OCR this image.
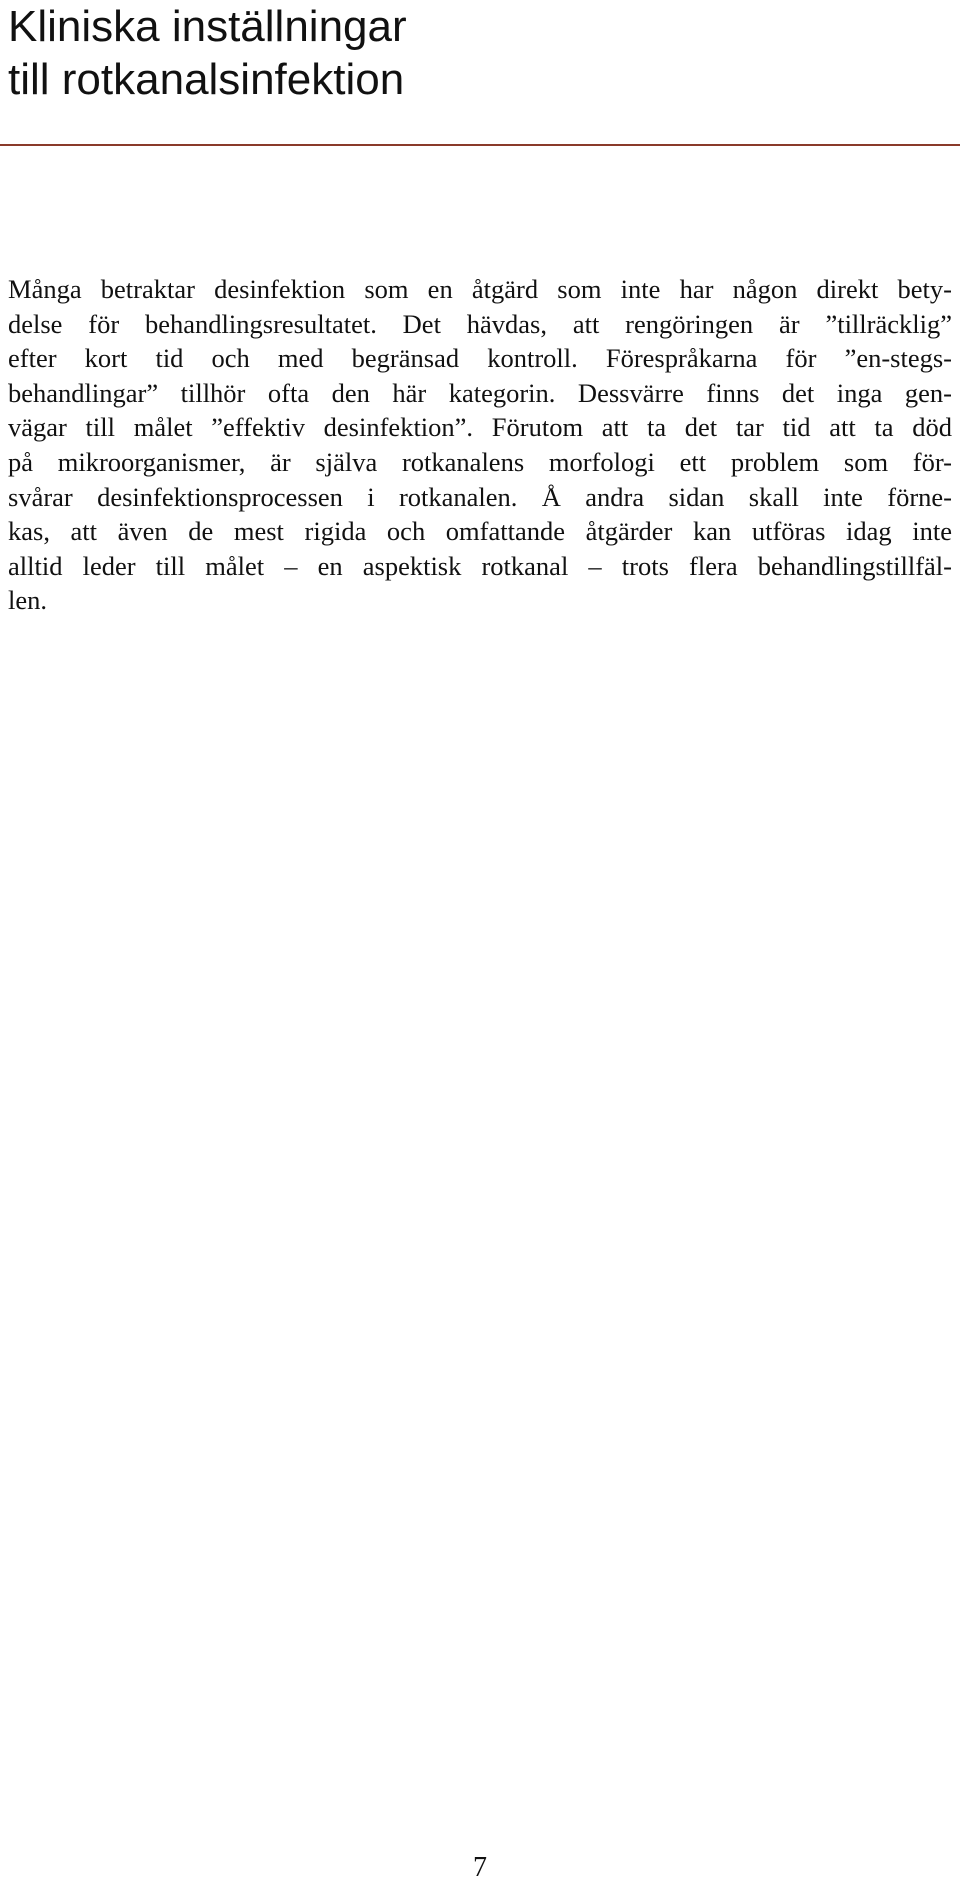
Kliniska inställningar
till rotkanalsinfektion

Många betraktar desinfektion som en åtgärd som inte har någon direkt bety-
delse för behandlingsresultatet. Det hävdas, att rengöringen är ”tillräcklig”
efter kort tid och med begränsad kontroll. Förespråkarna för ”en-stegs-
behandlingar” tillhör ofta den här kategorin. Dessvärre finns det inga gen-
vägar till målet ”effektiv desinfektion”. Förutom att ta det tar tid att ta död
på mikroorganismer, är själva rotkanalens morfologi ett problem som för-
svårar desinfektionsprocessen i rotkanalen. Å andra sidan skall inte förne-
kas, att även de mest rigida och omfattande åtgärder kan utföras idag inte
alltid leder till målet – en aspektisk rotkanal – trots flera behandlingstillfäl-
len.

7
